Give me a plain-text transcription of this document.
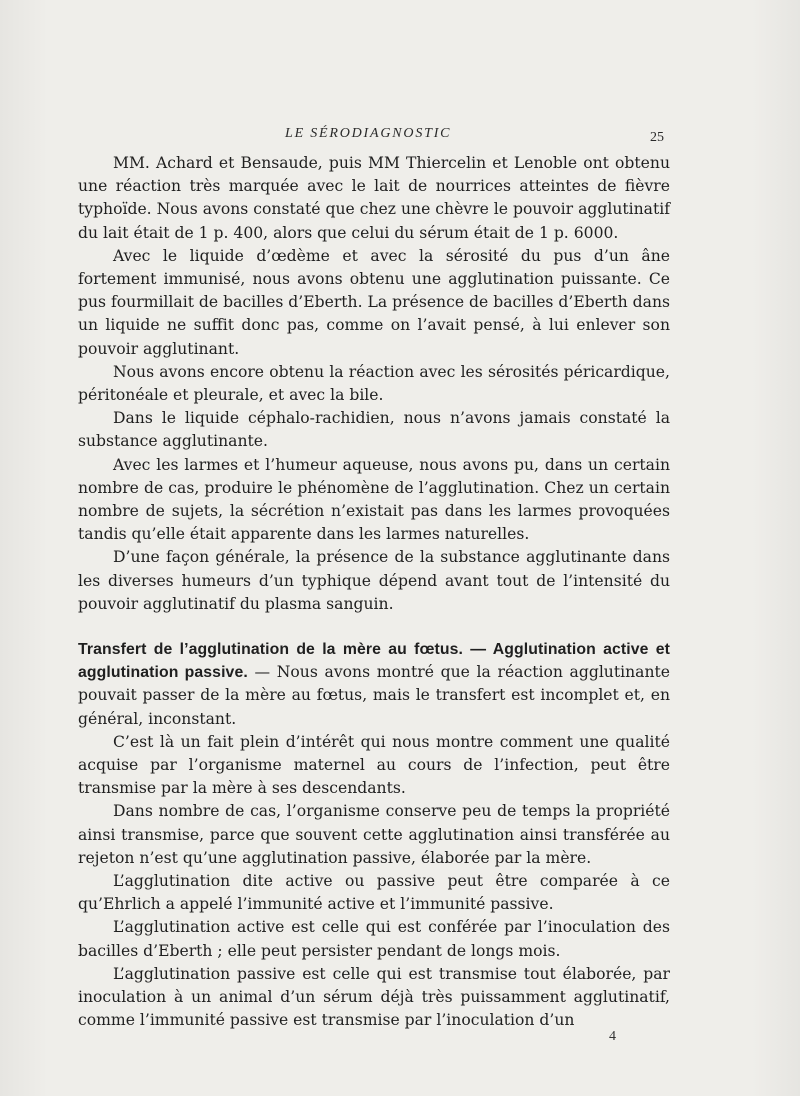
LE SÉRODIAGNOSTIC	25

MM. Achard et Bensaude, puis MM Thiercelin et Lenoble ont obtenu une réaction très marquée avec le lait de nourrices atteintes de fièvre typhoïde. Nous avons constaté que chez une chèvre le pouvoir agglutinatif du lait était de 1 p. 400, alors que celui du sérum était de 1 p. 6000.

Avec le liquide d’œdème et avec la sérosité du pus d’un âne fortement immunisé, nous avons obtenu une agglutination puissante. Ce pus fourmillait de bacilles d’Eberth. La présence de bacilles d’Eberth dans un liquide ne suffit donc pas, comme on l’avait pensé, à lui enlever son pouvoir agglutinant.

Nous avons encore obtenu la réaction avec les sérosités péricardique, péritonéale et pleurale, et avec la bile.

Dans le liquide céphalo-rachidien, nous n’avons jamais constaté la substance agglutinante.

Avec les larmes et l’humeur aqueuse, nous avons pu, dans un certain nombre de cas, produire le phénomène de l’agglutination. Chez un certain nombre de sujets, la sécrétion n’existait pas dans les larmes provoquées tandis qu’elle était apparente dans les larmes naturelles.

D’une façon générale, la présence de la substance agglutinante dans les diverses humeurs d’un typhique dépend avant tout de l’intensité du pouvoir agglutinatif du plasma sanguin.

Transfert de l’agglutination de la mère au fœtus. — Agglutination active et agglutination passive. — Nous avons montré que la réaction agglutinante pouvait passer de la mère au fœtus, mais le transfert est incomplet et, en général, inconstant.

C’est là un fait plein d’intérêt qui nous montre comment une qualité acquise par l’organisme maternel au cours de l’infection, peut être transmise par la mère à ses descendants.

Dans nombre de cas, l’organisme conserve peu de temps la propriété ainsi transmise, parce que souvent cette agglutination ainsi transférée au rejeton n’est qu’une agglutination passive, élaborée par la mère.

L’agglutination dite active ou passive peut être comparée à ce qu’Ehrlich a appelé l’immunité active et l’immunité passive.

L’agglutination active est celle qui est conférée par l’inoculation des bacilles d’Eberth ; elle peut persister pendant de longs mois.

L’agglutination passive est celle qui est transmise tout élaborée, par inoculation à un animal d’un sérum déjà très puissamment agglutinatif, comme l’immunité passive est transmise par l’inoculation d’un

4
